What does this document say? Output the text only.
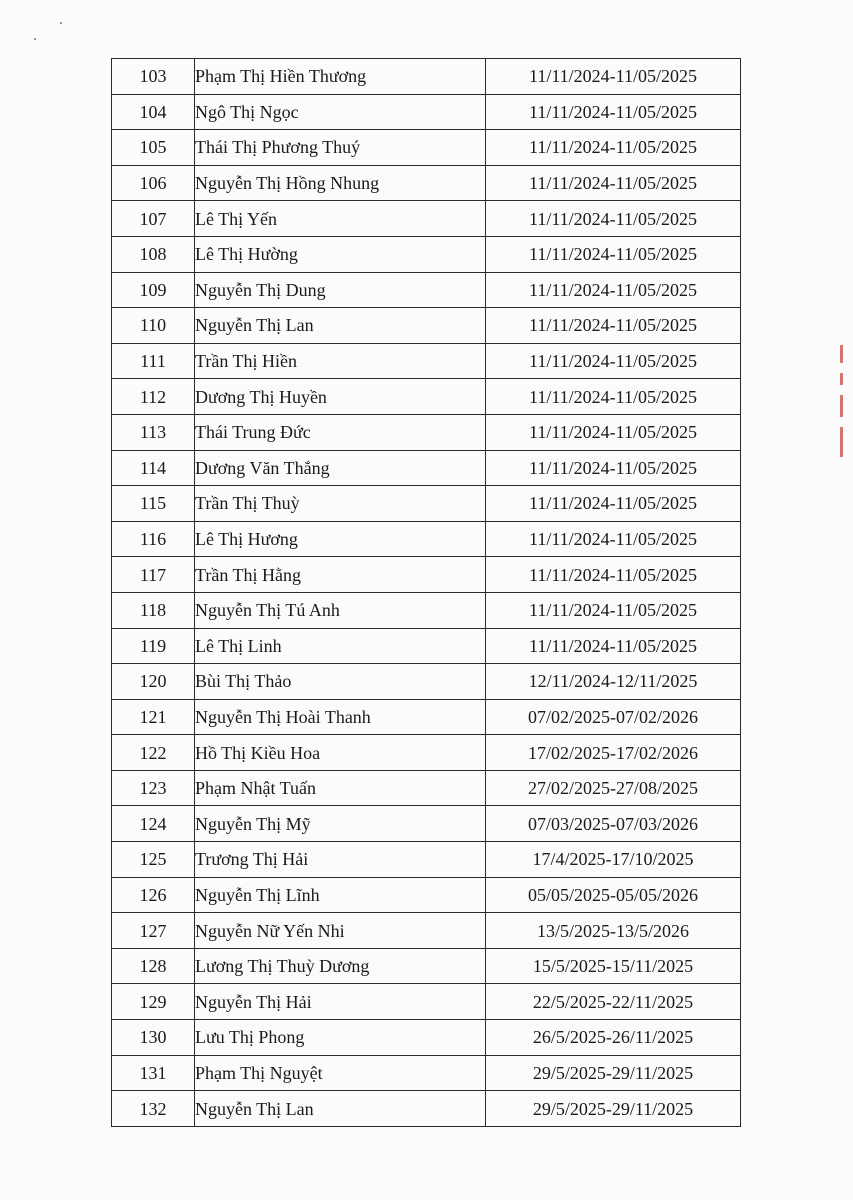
103	Phạm Thị Hiền Thương	11/11/2024-11/05/2025
104	Ngô Thị Ngọc	11/11/2024-11/05/2025
105	Thái Thị Phương Thuý	11/11/2024-11/05/2025
106	Nguyễn Thị Hồng Nhung	11/11/2024-11/05/2025
107	Lê Thị Yến	11/11/2024-11/05/2025
108	Lê Thị Hường	11/11/2024-11/05/2025
109	Nguyễn Thị Dung	11/11/2024-11/05/2025
110	Nguyễn Thị Lan	11/11/2024-11/05/2025
111	Trần Thị Hiền	11/11/2024-11/05/2025
112	Dương Thị Huyền	11/11/2024-11/05/2025
113	Thái Trung Đức	11/11/2024-11/05/2025
114	Dương Văn Thắng	11/11/2024-11/05/2025
115	Trần Thị Thuỳ	11/11/2024-11/05/2025
116	Lê Thị Hương	11/11/2024-11/05/2025
117	Trần Thị Hằng	11/11/2024-11/05/2025
118	Nguyễn Thị Tú Anh	11/11/2024-11/05/2025
119	Lê Thị Linh	11/11/2024-11/05/2025
120	Bùi Thị Thảo	12/11/2024-12/11/2025
121	Nguyễn Thị Hoài Thanh	07/02/2025-07/02/2026
122	Hồ Thị Kiều Hoa	17/02/2025-17/02/2026
123	Phạm Nhật Tuấn	27/02/2025-27/08/2025
124	Nguyễn Thị Mỹ	07/03/2025-07/03/2026
125	Trương Thị Hải	17/4/2025-17/10/2025
126	Nguyễn Thị Lĩnh	05/05/2025-05/05/2026
127	Nguyễn Nữ Yến Nhi	13/5/2025-13/5/2026
128	Lương Thị Thuỳ Dương	15/5/2025-15/11/2025
129	Nguyễn Thị Hải	22/5/2025-22/11/2025
130	Lưu Thị Phong	26/5/2025-26/11/2025
131	Phạm Thị Nguyệt	29/5/2025-29/11/2025
132	Nguyễn Thị Lan	29/5/2025-29/11/2025
